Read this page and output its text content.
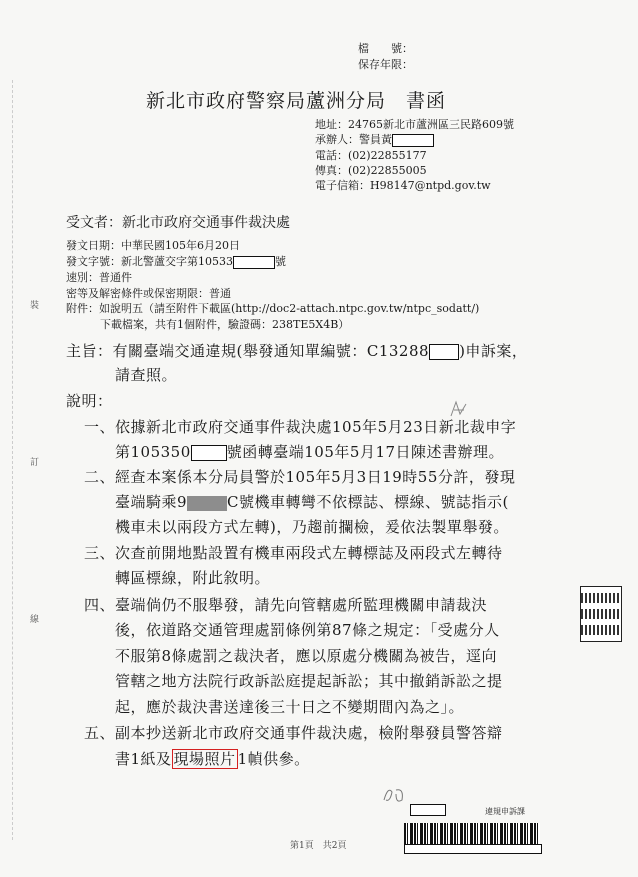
裝
訂
線
檔　　號：
保存年限：
新北市政府警察局蘆洲分局　書函
地址：24765新北市蘆洲區三民路609號
承辦人：警員黃
電話：(02)22855177
傳真：(02)22855005
電子信箱：H98147@ntpd.gov.tw
受文者：新北市政府交通事件裁決處
發文日期：中華民國105年6月20日
發文字號：新北警蘆交字第10533	號
速別：普通件
密等及解密條件或保密期限：普通
附件：如說明五（請至附件下載區(http://doc2-attach.ntpc.gov.tw/ntpc_sodatt/)
下載檔案，共有1個附件，驗證碼：238TE5X4B）
主旨：有關臺端交通違規(舉發通知單編號：C13288 )申訴案，
請查照。
說明：
一、依據新北市政府交通事件裁決處105年5月23日新北裁申字
第105350 號函轉臺端105年5月17日陳述書辦理。
二、經查本案係本分局員警於105年5月3日19時55分許，發現
臺端騎乘9	C號機車轉彎不依標誌、標線、號誌指示(
機車未以兩段方式左轉)，乃趨前攔檢，爰依法製單舉發。
三、次查前開地點設置有機車兩段式左轉標誌及兩段式左轉待
轉區標線，附此敘明。
四、臺端倘仍不服舉發，請先向管轄處所監理機關申請裁決
後，依道路交通管理處罰條例第87條之規定：「受處分人
不服第8條處罰之裁決者，應以原處分機關為被告，逕向
管轄之地方法院行政訴訟庭提起訴訟；其中撤銷訴訟之提
起，應於裁決書送達後三十日之不變期間內為之」。
五、副本抄送新北市政府交通事件裁決處，檢附舉發員警答辯
書1紙及 現場照片 1幀供參。
違規申訴課
第1頁　共2頁
